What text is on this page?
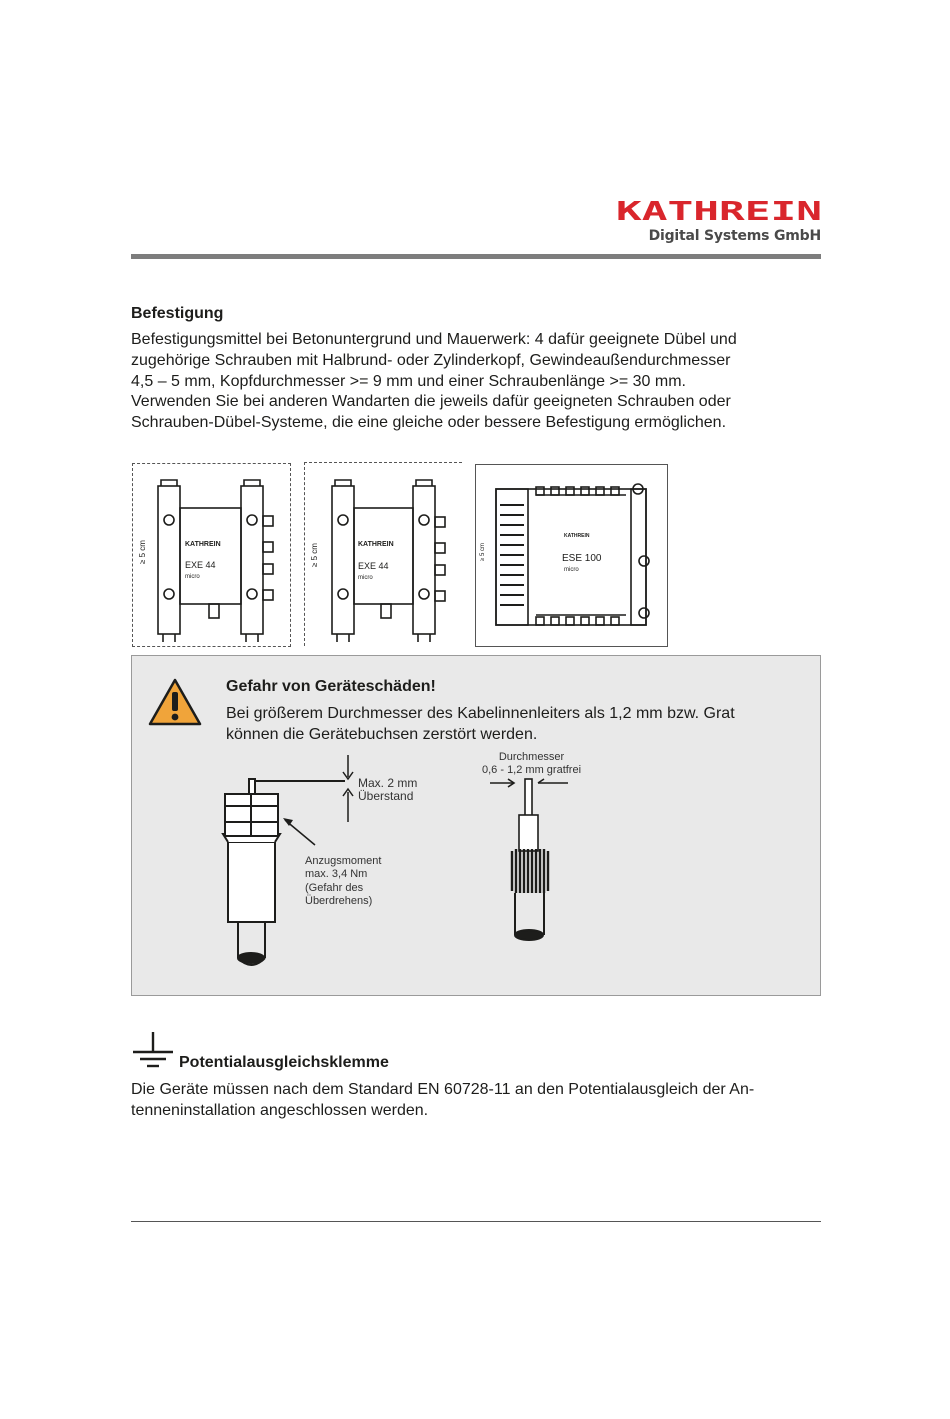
KATHREIN
Digital Systems GmbH
Befestigung

Befestigungsmittel bei Betonuntergrund und Mauerwerk: 4 dafür geeignete Dübel und
zugehörige Schrauben mit Halbrund- oder Zylinderkopf, Gewindeaußendurchmesser
4,5 – 5 mm, Kopfdurchmesser >= 9 mm und einer Schraubenlänge >= 30 mm.
Verwenden Sie bei anderen Wandarten die jeweils dafür geeigneten Schrauben oder
Schrauben-Dübel-Systeme, die eine gleiche oder bessere Befestigung ermöglichen.

≥ 5 cm	KATHREIN
EXE 44
micro
≥ 5 cm	KATHREIN
EXE 44
micro
≥ 5 cm
KATHREIN
ESE 100
micro
Gefahr von Geräteschäden!

Bei größerem Durchmesser des Kabelinnenleiters als 1,2 mm bzw. Grat
können die Gerätebuchsen zerstört werden.

Max. 2 mm
Überstand
Anzugsmoment
max. 3,4 Nm
(Gefahr des
Überdrehens)
Durchmesser
0,6 - 1,2 mm gratfrei
Potentialausgleichsklemme

Die Geräte müssen nach dem Standard EN 60728-11 an den Potentialausgleich der An-
tenneninstallation angeschlossen werden.
